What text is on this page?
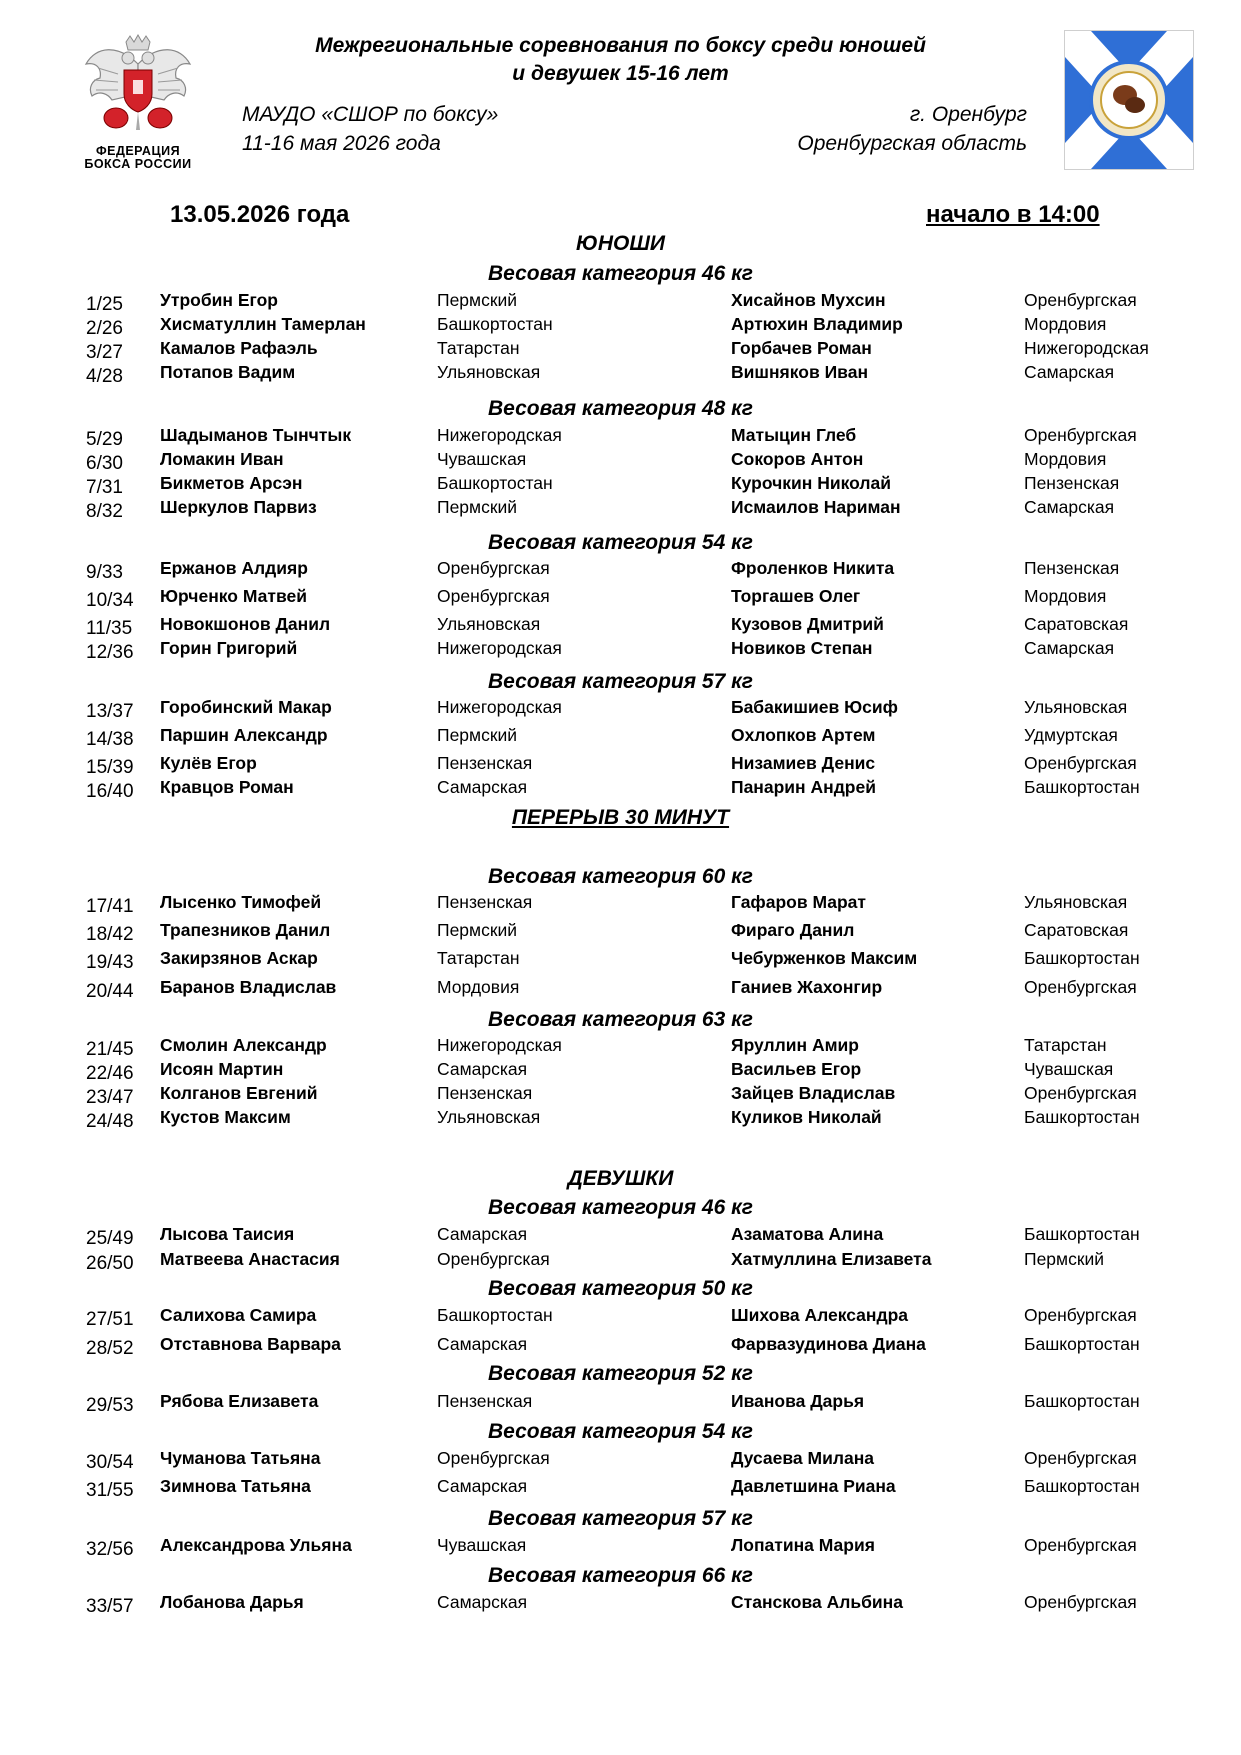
ФЕДЕРАЦИЯ
БОКСА РОССИИ
Межрегиональные соревнования по боксу среди юношей
и девушек 15-16 лет
МАУДО «СШОР по боксу»
11-16 мая 2026 года
г. Оренбург
Оренбургская область
13.05.2026 года	начало в 14:00
ЮНОШИ
ПЕРЕРЫВ 30 МИНУТ
ДЕВУШКИ
Весовая категория 46 кг
1/25	Утробин Егор	Пермский	Хисайнов Мухсин	Оренбургская
2/26	Хисматуллин Тамерлан	Башкортостан	Артюхин Владимир	Мордовия
3/27	Камалов Рафаэль	Татарстан	Горбачев Роман	Нижегородская
4/28	Потапов Вадим	Ульяновская	Вишняков Иван	Самарская
Весовая категория 48 кг
5/29	Шадыманов Тынчтык	Нижегородская	Матыцин Глеб	Оренбургская
6/30	Ломакин Иван	Чувашская	Сокоров Антон	Мордовия
7/31	Бикметов Арсэн	Башкортостан	Курочкин Николай	Пензенская
8/32	Шеркулов Парвиз	Пермский	Исмаилов Нариман	Самарская
Весовая категория 54 кг
9/33	Ержанов Алдияр	Оренбургская	Фроленков Никита	Пензенская
10/34	Юрченко Матвей	Оренбургская	Торгашев Олег	Мордовия
11/35	Новокшонов Данил	Ульяновская	Кузовов Дмитрий	Саратовская
12/36	Горин Григорий	Нижегородская	Новиков Степан	Самарская
Весовая категория 57 кг
13/37	Горобинский Макар	Нижегородская	Бабакишиев Юсиф	Ульяновская
14/38	Паршин Александр	Пермский	Охлопков Артем	Удмуртская
15/39	Кулёв Егор	Пензенская	Низамиев Денис	Оренбургская
16/40	Кравцов Роман	Самарская	Панарин Андрей	Башкортостан
Весовая категория 60 кг
17/41	Лысенко Тимофей	Пензенская	Гафаров Марат	Ульяновская
18/42	Трапезников Данил	Пермский	Фираго Данил	Саратовская
19/43	Закирзянов Аскар	Татарстан	Чебурженков Максим	Башкортостан
20/44	Баранов Владислав	Мордовия	Ганиев Жахонгир	Оренбургская
Весовая категория 63 кг
21/45	Смолин Александр	Нижегородская	Яруллин Амир	Татарстан
22/46	Исоян Мартин	Самарская	Васильев Егор	Чувашская
23/47	Колганов Евгений	Пензенская	Зайцев Владислав	Оренбургская
24/48	Кустов Максим	Ульяновская	Куликов Николай	Башкортостан
Весовая категория 46 кг
25/49	Лысова Таисия	Самарская	Азаматова Алина	Башкортостан
26/50	Матвеева Анастасия	Оренбургская	Хатмуллина Елизавета	Пермский
Весовая категория 50 кг
27/51	Салихова Самира	Башкортостан	Шихова Александра	Оренбургская
28/52	Отставнова Варвара	Самарская	Фарвазудинова Диана	Башкортостан
Весовая категория 52 кг
29/53	Рябова Елизавета	Пензенская	Иванова Дарья	Башкортостан
Весовая категория 54 кг
30/54	Чуманова Татьяна	Оренбургская	Дусаева Милана	Оренбургская
31/55	Зимнова Татьяна	Самарская	Давлетшина Риана	Башкортостан
Весовая категория 57 кг
32/56	Александрова Ульяна	Чувашская	Лопатина Мария	Оренбургская
Весовая категория 66 кг
33/57	Лобанова Дарья	Самарская	Станскова Альбина	Оренбургская
